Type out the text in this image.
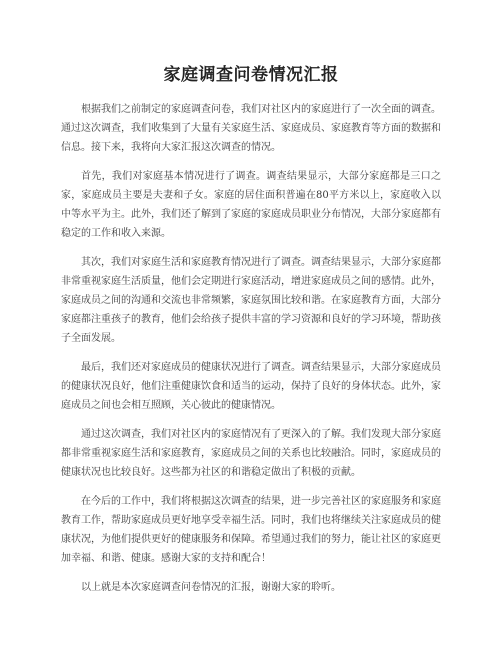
家庭调查问卷情况汇报

根据我们之前制定的家庭调查问卷，我们对社区内的家庭进行了一次全面的调查。通过这次调查，我们收集到了大量有关家庭生活、家庭成员、家庭教育等方面的数据和信息。接下来，我将向大家汇报这次调查的情况。

首先，我们对家庭基本情况进行了调查。调查结果显示，大部分家庭都是三口之家，家庭成员主要是夫妻和子女。家庭的居住面积普遍在80平方米以上，家庭收入以中等水平为主。此外，我们还了解到了家庭的家庭成员职业分布情况，大部分家庭都有稳定的工作和收入来源。

其次，我们对家庭生活和家庭教育情况进行了调查。调查结果显示，大部分家庭都非常重视家庭生活质量，他们会定期进行家庭活动，增进家庭成员之间的感情。此外，家庭成员之间的沟通和交流也非常频繁，家庭氛围比较和谐。在家庭教育方面，大部分家庭都注重孩子的教育，他们会给孩子提供丰富的学习资源和良好的学习环境，帮助孩子全面发展。

最后，我们还对家庭成员的健康状况进行了调查。调查结果显示，大部分家庭成员的健康状况良好，他们注重健康饮食和适当的运动，保持了良好的身体状态。此外，家庭成员之间也会相互照顾，关心彼此的健康情况。

通过这次调查，我们对社区内的家庭情况有了更深入的了解。我们发现大部分家庭都非常重视家庭生活和家庭教育，家庭成员之间的关系也比较融洽。同时，家庭成员的健康状况也比较良好。这些都为社区的和谐稳定做出了积极的贡献。

在今后的工作中，我们将根据这次调查的结果，进一步完善社区的家庭服务和家庭教育工作，帮助家庭成员更好地享受幸福生活。同时，我们也将继续关注家庭成员的健康状况，为他们提供更好的健康服务和保障。希望通过我们的努力，能让社区的家庭更加幸福、和谐、健康。感谢大家的支持和配合！

以上就是本次家庭调查问卷情况的汇报，谢谢大家的聆听。
